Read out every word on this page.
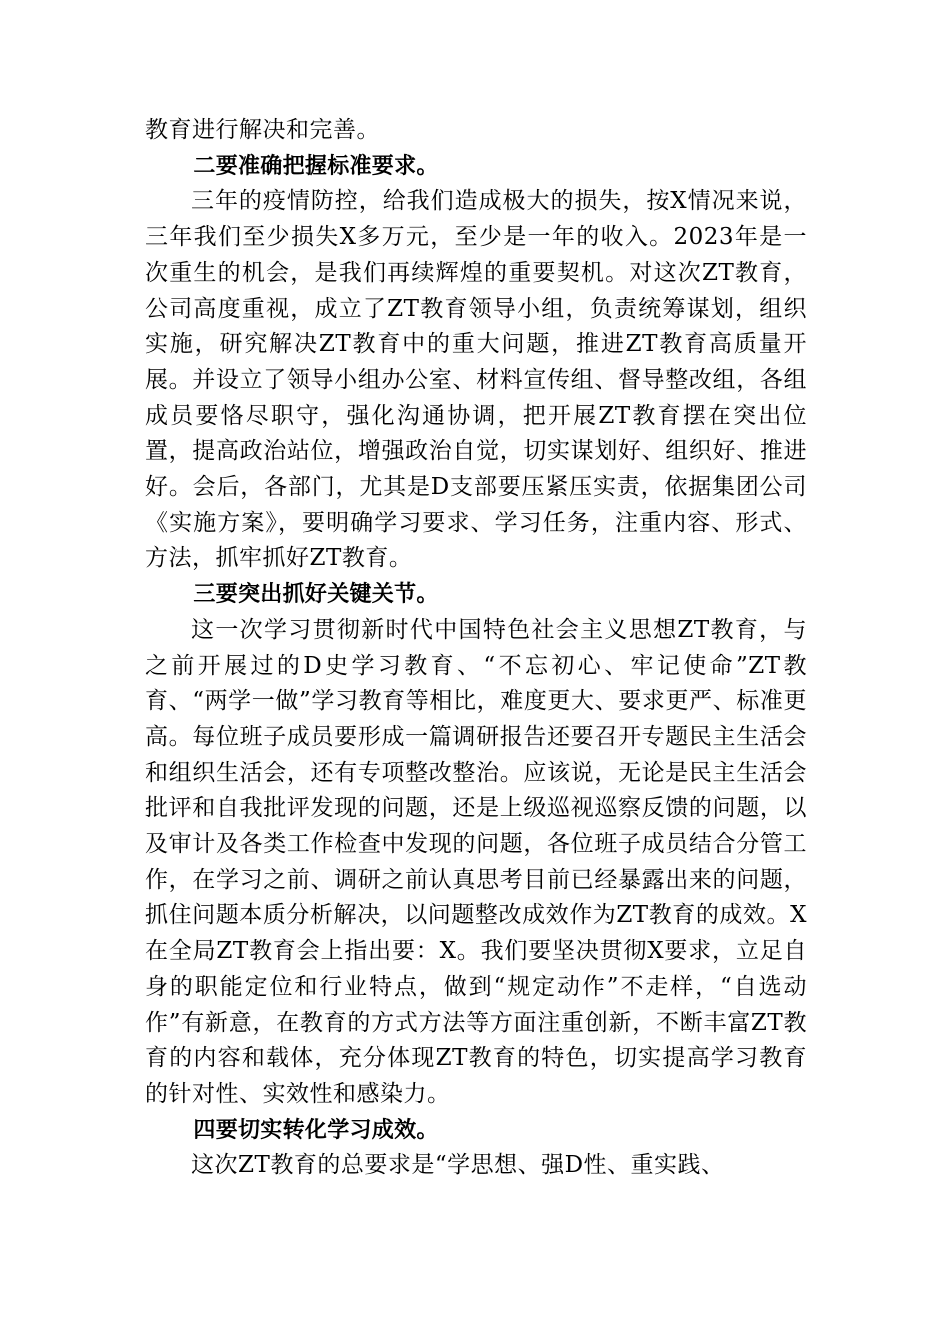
教育进行解决和完善。

二要准确把握标准要求。

三年的疫情防控，给我们造成极大的损失，按X情况来说，三年我们至少损失X多万元，至少是一年的收入。2023年是一次重生的机会，是我们再续辉煌的重要契机。对这次ZT教育，公司高度重视，成立了ZT教育领导小组，负责统筹谋划，组织实施，研究解决ZT教育中的重大问题，推进ZT教育高质量开展。并设立了领导小组办公室、材料宣传组、督导整改组，各组成员要恪尽职守，强化沟通协调，把开展ZT教育摆在突出位置，提高政治站位，增强政治自觉，切实谋划好、组织好、推进好。会后，各部门，尤其是D支部要压紧压实责，依据集团公司《实施方案》，要明确学习要求、学习任务，注重内容、形式、方法，抓牢抓好ZT教育。

三要突出抓好关键关节。

这一次学习贯彻新时代中国特色社会主义思想ZT教育，与之前开展过的D史学习教育、“不忘初心、牢记使命”ZT教育、“两学一做”学习教育等相比，难度更大、要求更严、标准更高。每位班子成员要形成一篇调研报告还要召开专题民主生活会和组织生活会，还有专项整改整治。应该说，无论是民主生活会批评和自我批评发现的问题，还是上级巡视巡察反馈的问题，以及审计及各类工作检查中发现的问题，各位班子成员结合分管工作，在学习之前、调研之前认真思考目前已经暴露出来的问题，抓住问题本质分析解决，以问题整改成效作为ZT教育的成效。X在全局ZT教育会上指出要：X。我们要坚决贯彻X要求，立足自身的职能定位和行业特点，做到“规定动作”不走样，“自选动作”有新意，在教育的方式方法等方面注重创新，不断丰富ZT教育的内容和载体，充分体现ZT教育的特色，切实提高学习教育的针对性、实效性和感染力。

四要切实转化学习成效。

这次ZT教育的总要求是“学思想、强D性、重实践、
